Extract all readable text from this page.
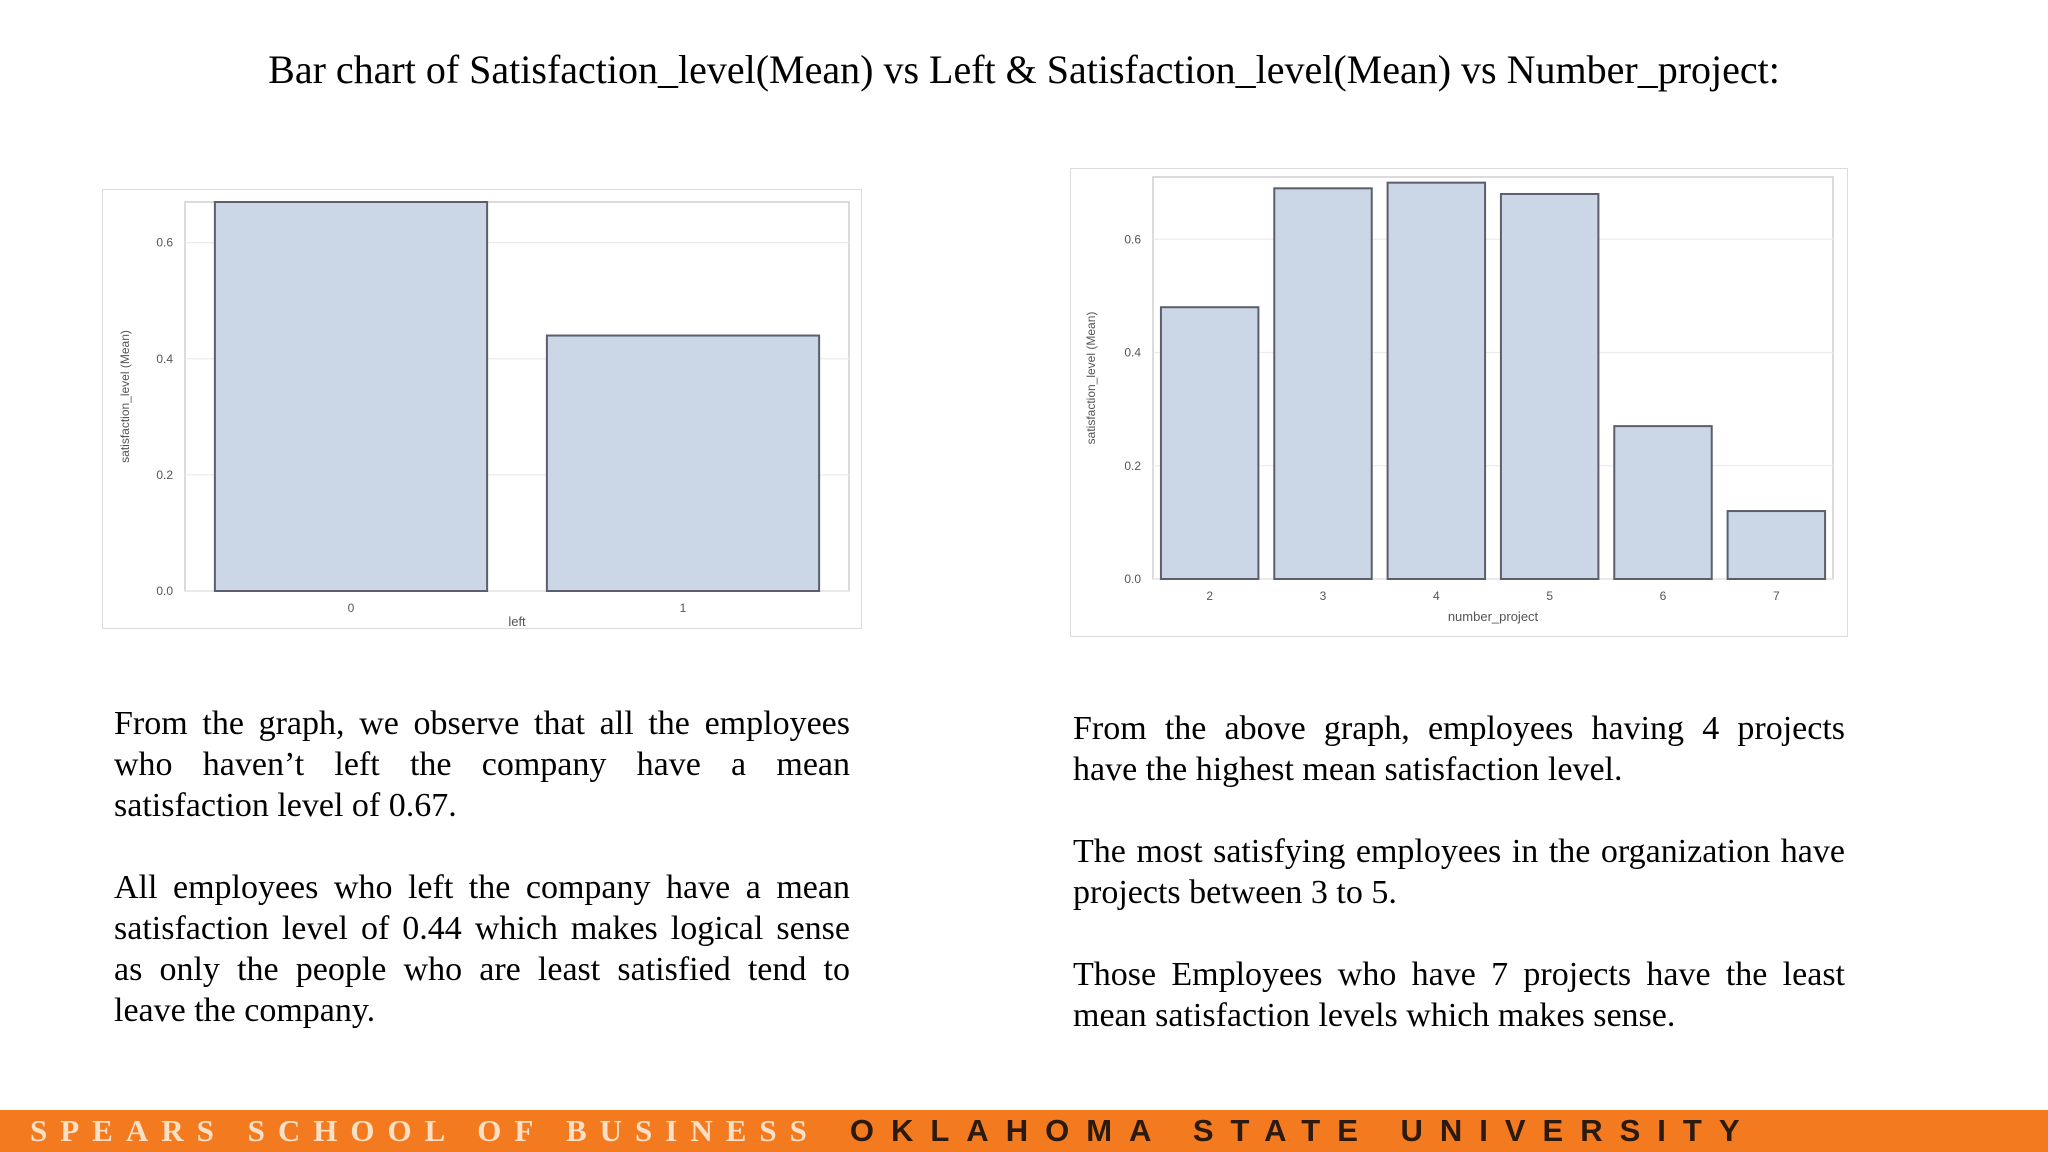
Bar chart of Satisfaction_level(Mean) vs Left & Satisfaction_level(Mean) vs Number_project:
0.0
0.2
0.4
0.6
0	1
left
satisfaction_level (Mean)
0.0
0.2
0.4
0.6
2	3	4	5	6	7
number_project
satisfaction_level (Mean)

From the graph, we observe that all the employees who haven’t left the company have a mean satisfaction level of 0.67.

All employees who left the company have a mean satisfaction level of 0.44 which makes logical sense as only the people who are least satisfied tend to leave the company.

From the above graph, employees having 4 projects have the highest mean satisfaction level.

The most satisfying employees in the organization have projects between 3 to 5.

Those Employees who have 7 projects have the least mean satisfaction levels which makes sense.

SPEARS SCHOOL OF BUSINESS OKLAHOMA STATE UNIVERSITY
